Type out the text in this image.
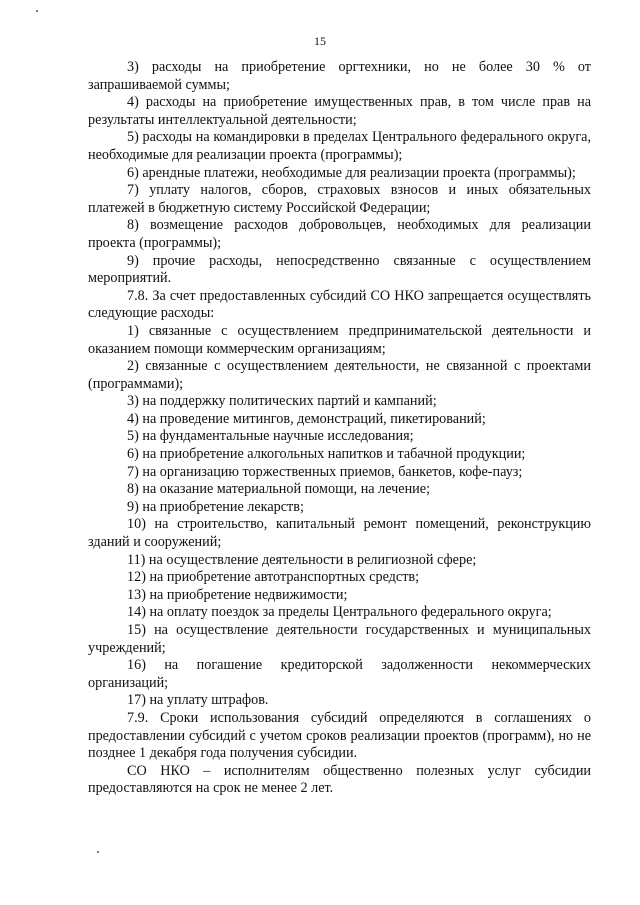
15

3) расходы на приобретение оргтехники, но не более 30 % от запрашиваемой суммы;

4) расходы на приобретение имущественных прав, в том числе прав на результаты интеллектуальной деятельности;

5) расходы на командировки в пределах Центрального федерального округа, необходимые для реализации проекта (программы);

6) арендные платежи, необходимые для реализации проекта (программы);

7) уплату налогов, сборов, страховых взносов и иных обязательных платежей в бюджетную систему Российской Федерации;

8) возмещение расходов добровольцев, необходимых для реализации проекта (программы);

9) прочие расходы, непосредственно связанные с осуществлением мероприятий.

7.8. За счет предоставленных субсидий СО НКО запрещается осуществлять следующие расходы:

1) связанные с осуществлением предпринимательской деятельности и оказанием помощи коммерческим организациям;

2) связанные с осуществлением деятельности, не связанной с проектами (программами);

3) на поддержку политических партий и кампаний;

4) на проведение митингов, демонстраций, пикетирований;

5) на фундаментальные научные исследования;

6) на приобретение алкогольных напитков и табачной продукции;

7) на организацию торжественных приемов, банкетов, кофе-пауз;

8) на оказание материальной помощи, на лечение;

9) на приобретение лекарств;

10) на строительство, капитальный ремонт помещений, реконструкцию зданий и сооружений;

11) на осуществление деятельности в религиозной сфере;

12) на приобретение автотранспортных средств;

13) на приобретение недвижимости;

14) на оплату поездок за пределы Центрального федерального округа;

15) на осуществление деятельности государственных и муниципальных учреждений;

16) на погашение кредиторской задолженности некоммерческих организаций;

17) на уплату штрафов.

7.9. Сроки использования субсидий определяются в соглашениях о предоставлении субсидий с учетом сроков реализации проектов (программ), но не позднее 1 декабря года получения субсидии.

СО НКО – исполнителям общественно полезных услуг субсидии предоставляются на срок не менее 2 лет.
